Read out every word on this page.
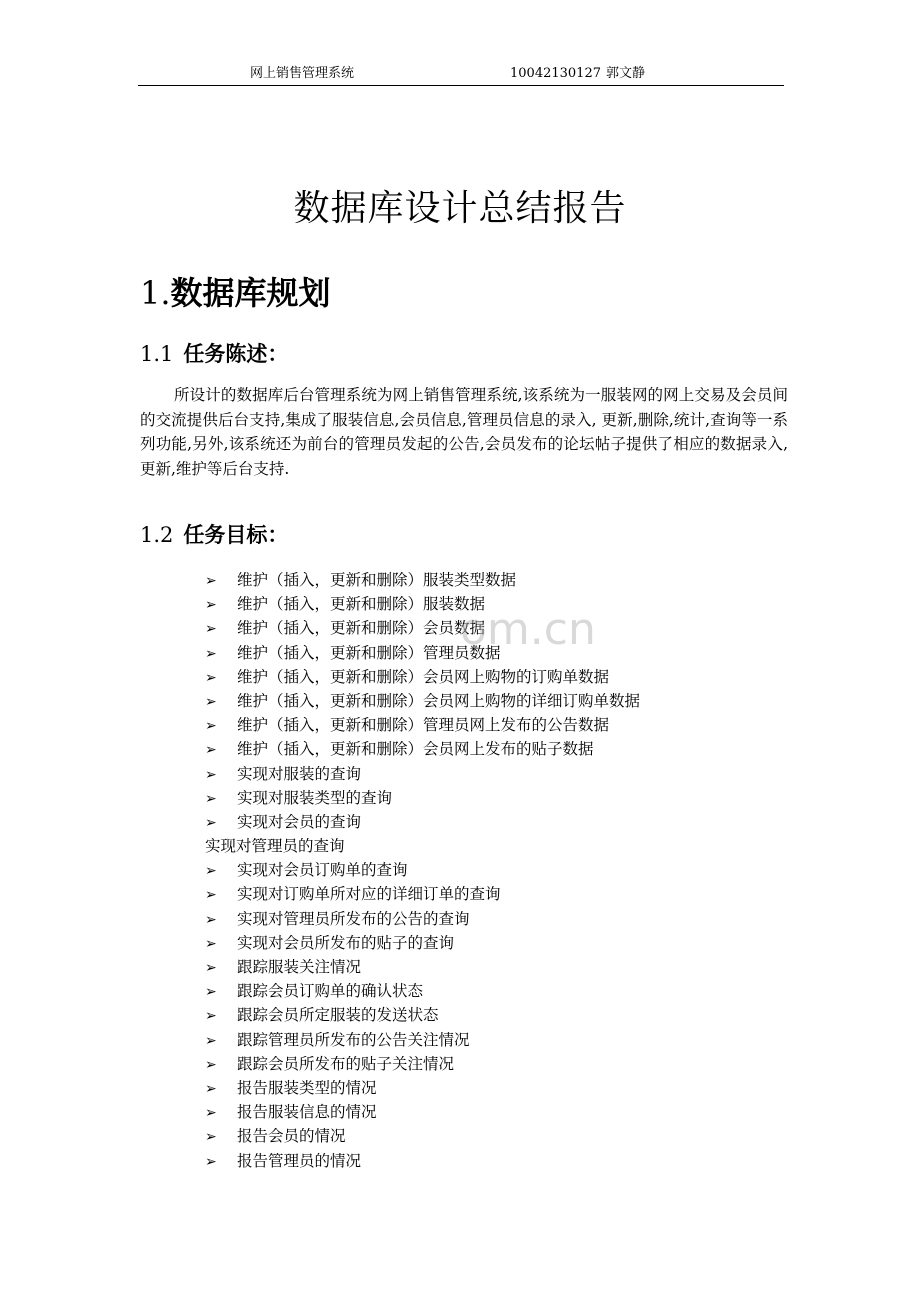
网上销售管理系统	10042130127 郭文静
数据库设计总结报告
1.数据库规划
1.1 任务陈述：

所设计的数据库后台管理系统为网上销售管理系统,该系统为一服装网的网上交易及会员间的交流提供后台支持,集成了服装信息,会员信息,管理员信息的录入, 更新,删除,统计,查询等一系列功能,另外,该系统还为前台的管理员发起的公告,会员发布的论坛帖子提供了相应的数据录入,更新,维护等后台支持.

1.2 任务目标：
➢ 维护（插入，更新和删除）服装类型数据
➢ 维护（插入，更新和删除）服装数据
➢ 维护（插入，更新和删除）会员数据
➢ 维护（插入，更新和删除）管理员数据
➢ 维护（插入，更新和删除）会员网上购物的订购单数据
➢ 维护（插入，更新和删除）会员网上购物的详细订购单数据
➢ 维护（插入，更新和删除）管理员网上发布的公告数据
➢ 维护（插入，更新和删除）会员网上发布的贴子数据
➢ 实现对服装的查询
➢ 实现对服装类型的查询
➢ 实现对会员的查询
实现对管理员的查询
➢ 实现对会员订购单的查询
➢ 实现对订购单所对应的详细订单的查询
➢ 实现对管理员所发布的公告的查询
➢ 实现对会员所发布的贴子的查询
➢ 跟踪服装关注情况
➢ 跟踪会员订购单的确认状态
➢ 跟踪会员所定服装的发送状态
➢ 跟踪管理员所发布的公告关注情况
➢ 跟踪会员所发布的贴子关注情况
➢ 报告服装类型的情况
➢ 报告服装信息的情况
➢ 报告会员的情况
➢ 报告管理员的情况
om.cn
